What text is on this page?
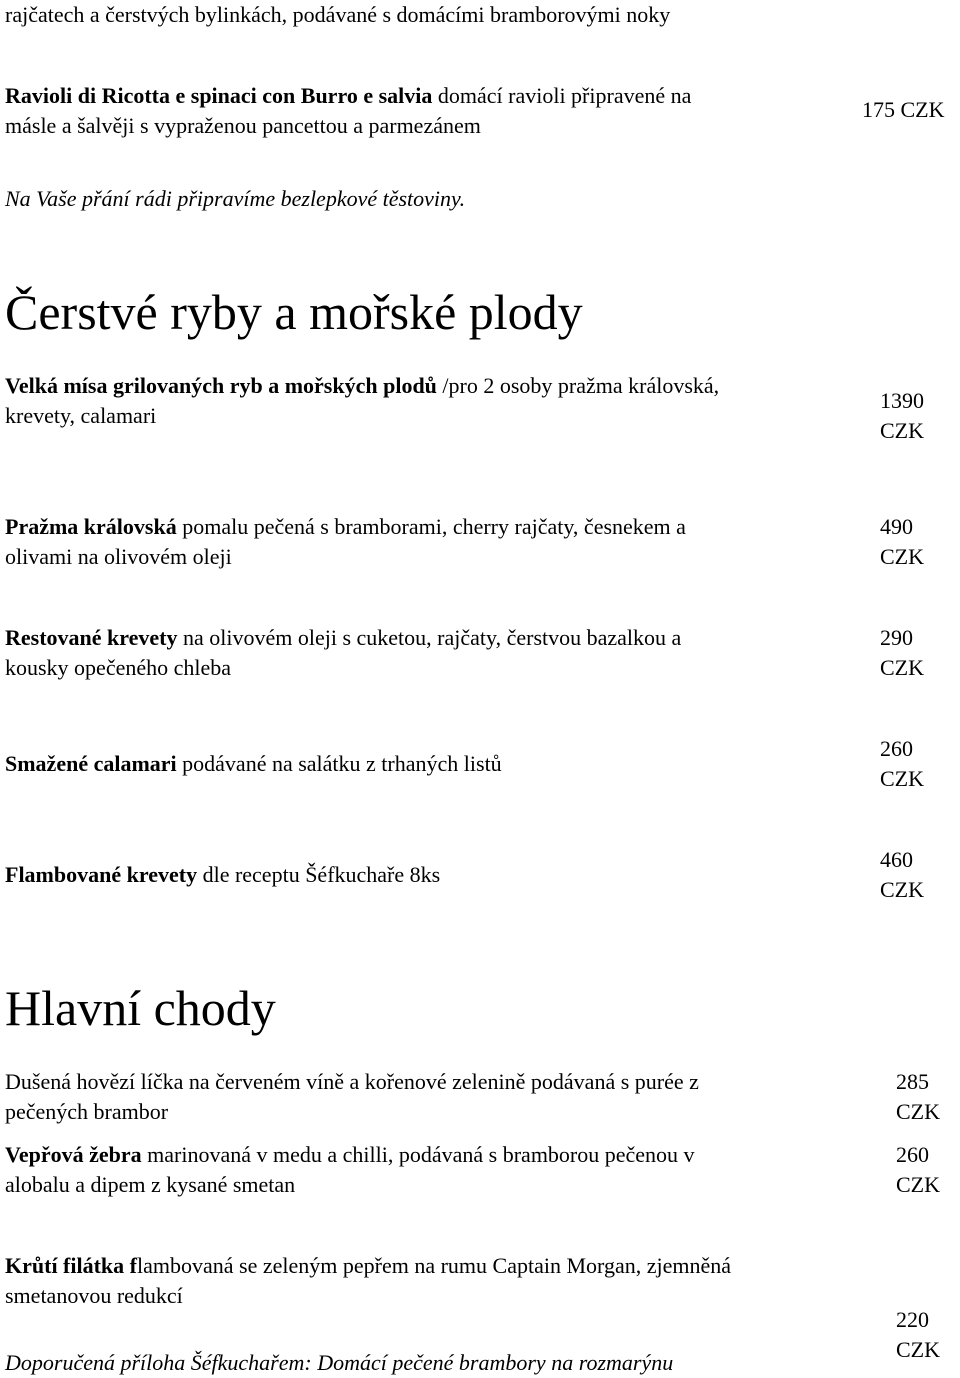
rajčatech a čerstvých bylinkách, podávané s domácími bramborovými noky
Ravioli di Ricotta e spinaci con Burro e salvia domácí ravioli připravené na
másle a šalvěji s vypraženou pancettou a parmezánem
175 CZK
Na Vaše přání rádi připravíme bezlepkové těstoviny.
Čerstvé ryby a mořské plody
Velká mísa grilovaných ryb a mořských plodů /pro 2 osoby pražma královská,
krevety, calamari
1390
CZK
Pražma královská pomalu pečená s bramborami, cherry rajčaty, česnekem a
olivami na olivovém oleji
490
CZK
Restované krevety na olivovém oleji s cuketou, rajčaty, čerstvou bazalkou a
kousky opečeného chleba
290
CZK
Smažené calamari podávané na salátku z trhaných listů
260
CZK
Flambované krevety dle receptu Šéfkuchaře 8ks
460
CZK
Hlavní chody
Dušená hovězí líčka na červeném víně a kořenové zelenině podávaná s purée z
pečených brambor
285
CZK
Vepřová žebra marinovaná v medu a chilli, podávaná s bramborou pečenou v
alobalu a dipem z kysané smetan
260
CZK
Krůtí filátka flambovaná se zeleným pepřem na rumu Captain Morgan, zjemněná
smetanovou redukcí
220
CZK
Doporučená příloha Šéfkuchařem: Domácí pečené brambory na rozmarýnu
